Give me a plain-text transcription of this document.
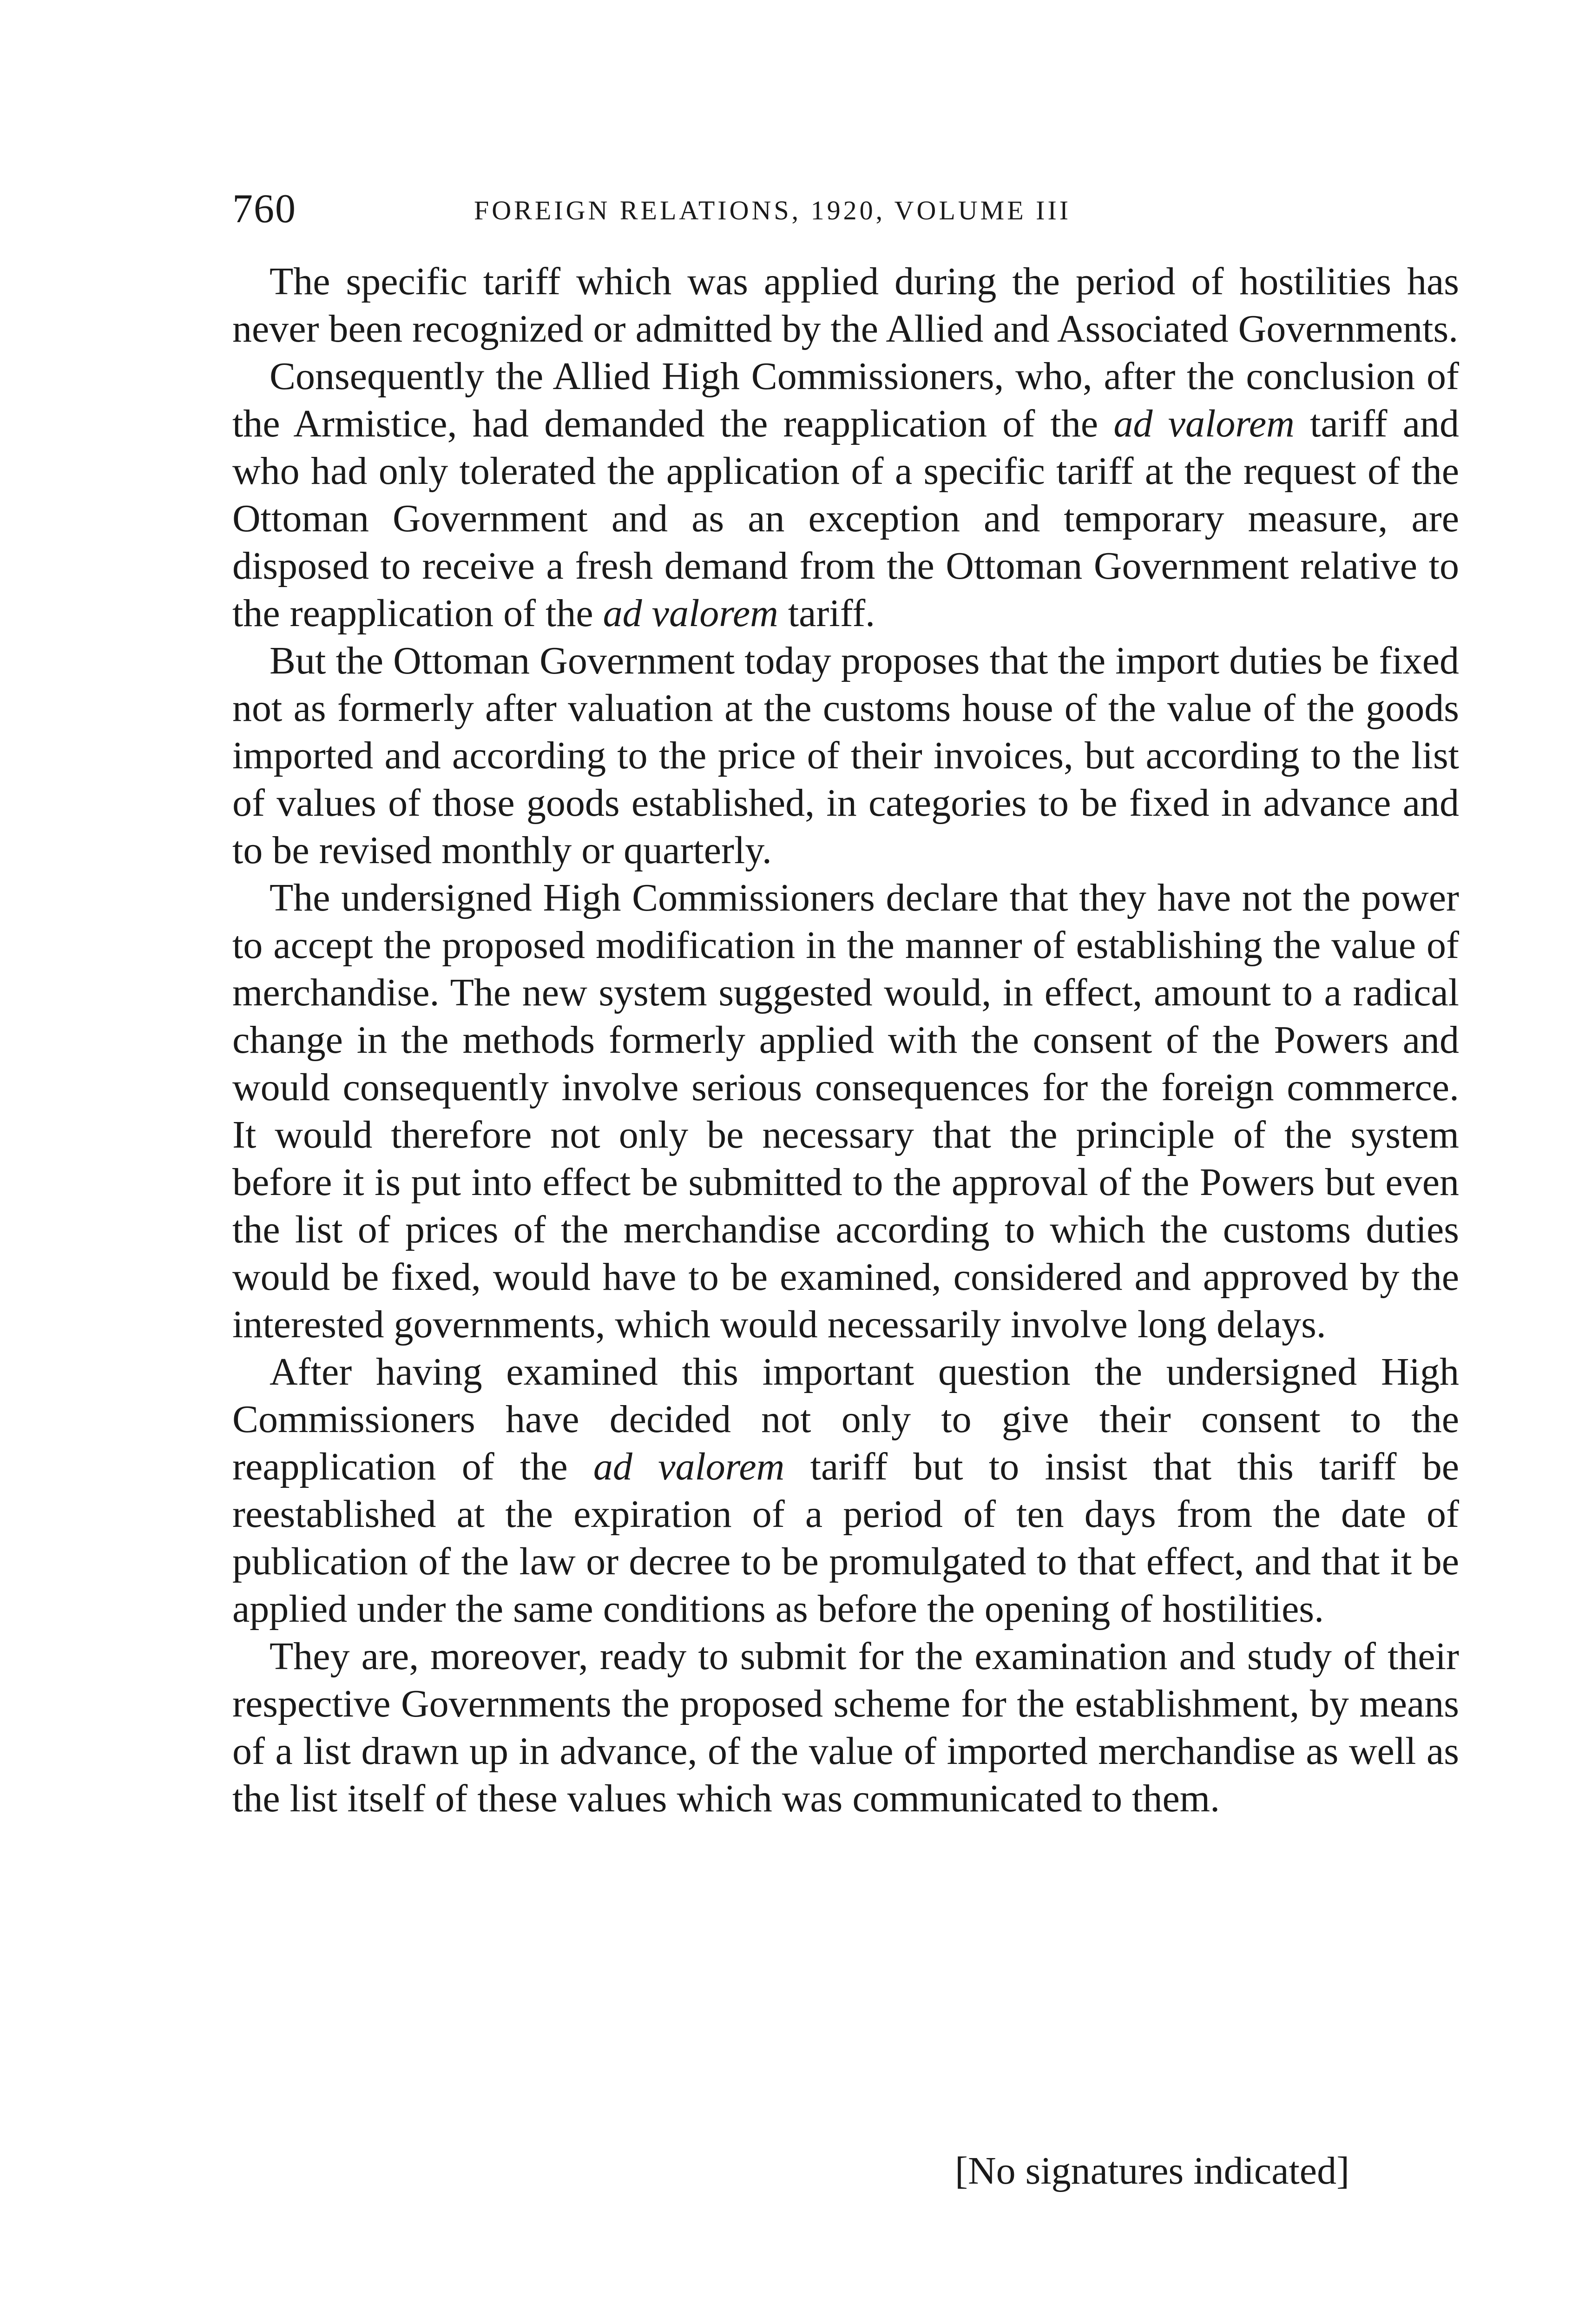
760	FOREIGN RELATIONS, 1920, VOLUME III

The specific tariff which was applied during the period of hostilities has never been recognized or admitted by the Allied and Associated Governments.

Consequently the Allied High Commissioners, who, after the conclusion of the Armistice, had demanded the reapplication of the ad valorem tariff and who had only tolerated the application of a specific tariff at the request of the Ottoman Government and as an exception and temporary measure, are disposed to receive a fresh demand from the Ottoman Government relative to the reapplication of the ad valorem tariff.

But the Ottoman Government today proposes that the import duties be fixed not as formerly after valuation at the customs house of the value of the goods imported and according to the price of their invoices, but according to the list of values of those goods established, in categories to be fixed in advance and to be revised monthly or quarterly.

The undersigned High Commissioners declare that they have not the power to accept the proposed modification in the manner of establishing the value of merchandise. The new system suggested would, in effect, amount to a radical change in the methods formerly applied with the consent of the Powers and would consequently involve serious consequences for the foreign commerce. It would therefore not only be necessary that the principle of the system before it is put into effect be submitted to the approval of the Powers but even the list of prices of the merchandise according to which the customs duties would be fixed, would have to be examined, considered and approved by the interested governments, which would necessarily involve long delays.

After having examined this important question the undersigned High Commissioners have decided not only to give their consent to the reapplication of the ad valorem tariff but to insist that this tariff be reestablished at the expiration of a period of ten days from the date of publication of the law or decree to be promulgated to that effect, and that it be applied under the same conditions as before the opening of hostilities.

They are, moreover, ready to submit for the examination and study of their respective Governments the proposed scheme for the establishment, by means of a list drawn up in advance, of the value of imported merchandise as well as the list itself of these values which was communicated to them.

[No signatures indicated]
